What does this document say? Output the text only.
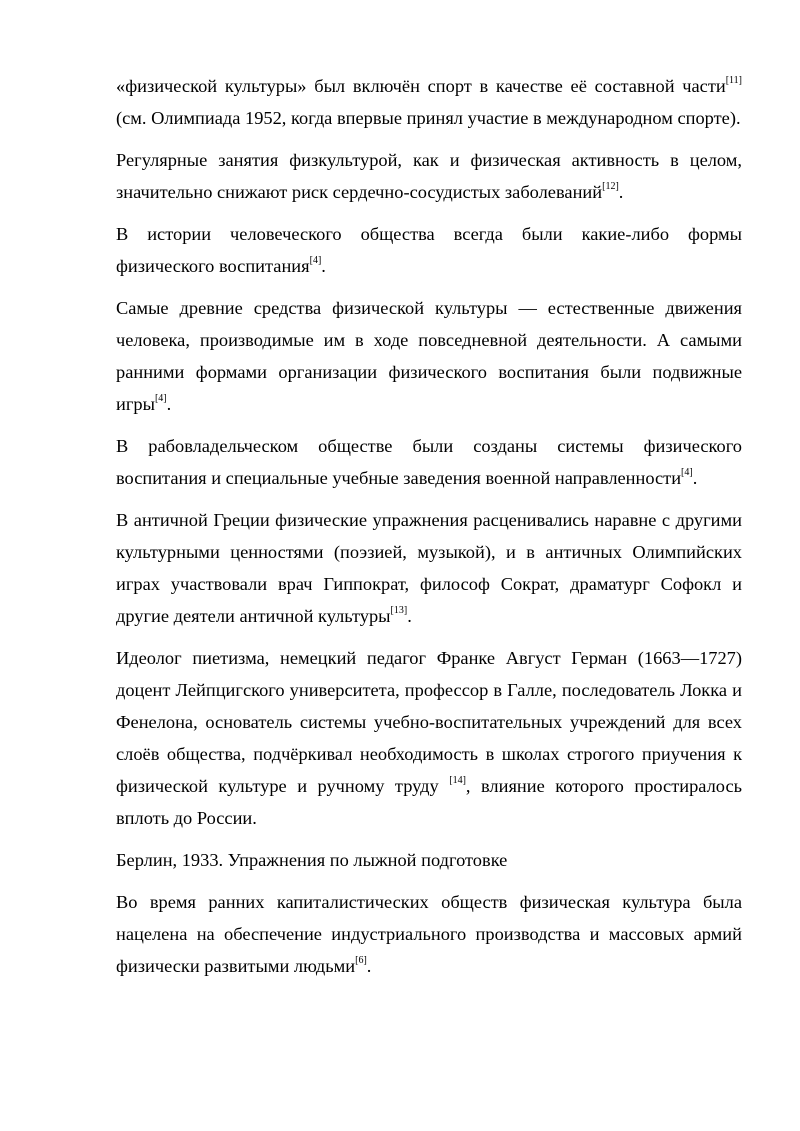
«физической культуры» был включён спорт в качестве её составной части[11] (см. Олимпиада 1952, когда впервые принял участие в международном спорте).

Регулярные занятия физкультурой, как и физическая активность в целом, значительно снижают риск сердечно-сосудистых заболеваний[12].

В истории человеческого общества всегда были какие-либо формы физического воспитания[4].

Самые древние средства физической культуры — естественные движения человека, производимые им в ходе повседневной деятельности. А самыми ранними формами организации физического воспитания были подвижные игры[4].

В рабовладельческом обществе были созданы системы физического воспитания и специальные учебные заведения военной направленности[4].

В античной Греции физические упражнения расценивались наравне с другими культурными ценностями (поэзией, музыкой), и в античных Олимпийских играх участвовали врач Гиппократ, философ Сократ, драматург Софокл и другие деятели античной культуры[13].

Идеолог пиетизма, немецкий педагог Франке Август Герман (1663—1727) доцент Лейпцигского университета, профессор в Галле, последователь Локка и Фенелона, основатель системы учебно-воспитательных учреждений для всех слоёв общества, подчёркивал необходимость в школах строгого приучения к физической культуре и ручному труду [14], влияние которого простиралось вплоть до России.

Берлин, 1933. Упражнения по лыжной подготовке

Во время ранних капиталистических обществ физическая культура была нацелена на обеспечение индустриального производства и массовых армий физически развитыми людьми[6].
